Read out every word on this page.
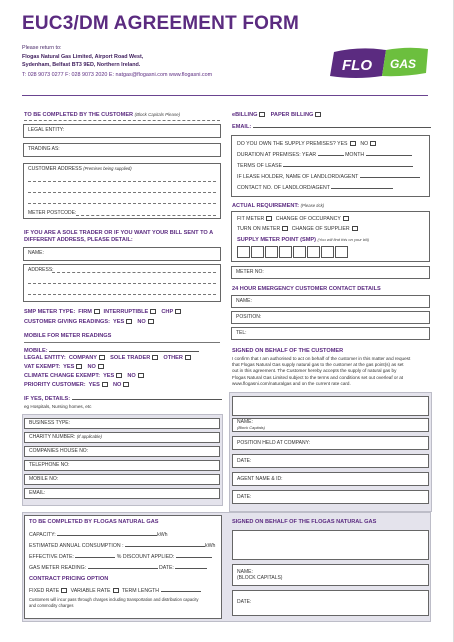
EUC3/DM AGREEMENT FORM
Please return to:
Flogas Natural Gas Limited, Airport Road West,
Sydenham, Belfast BT3 9ED, Northern Ireland.
T: 028 9073 0277 F: 028 9073 2020 E: natgas@flogasni.com www.flogasni.com
FLO GAS
TO BE COMPLETED BY THE CUSTOMER (Block Capitals Please)
LEGAL ENTITY:
TRADING AS:
CUSTOMER ADDRESS (Premises being supplied)
METER POSTCODE:
IF YOU ARE A SOLE TRADER OR IF YOU WANT YOUR BILL SENT TO A
DIFFERENT ADDRESS, PLEASE DETAIL:
NAME:
ADDRESS:
SMP METER TYPE: FIRM INTERRUPTIBLE CHP
CUSTOMER GIVING READINGS: YES NO
MOBILE FOR METER READINGS
MOBILE:
LEGAL ENTITY: COMPANY SOLE TRADER OTHER
VAT EXEMPT: YES NO
CLIMATE CHANGE EXEMPT: YES NO
PRIORITY CUSTOMER: YES NO
IF YES, DETAILS:
eg Hospitals, Nursing homes, etc
BUSINESS TYPE:
CHARITY NUMBER: (If applicable)
COMPANIES HOUSE NO:
TELEPHONE NO:
MOBILE NO:
EMAIL:
eBILLING PAPER BILLING
EMAIL:
DO YOU OWN THE SUPPLY PREMISES? YES NO
DURATION AT PREMISES: YEAR	MONTH
TERMS OF LEASE
IF LEASE HOLDER, NAME OF LANDLORD/AGENT
CONTACT NO. OF LANDLORD/AGENT
ACTUAL REQUIREMENT: (Please tick)
FIT METER CHANGE OF OCCUPANCY
TURN ON METER CHANGE OF SUPPLIER
SUPPLY METER POINT (SMP) (You will find this on your bill)
METER NO:
24 HOUR EMERGENCY CUSTOMER CONTACT DETAILS
NAME:
POSITION:
TEL:
SIGNED ON BEHALF OF THE CUSTOMER
I confirm that I am authorised to act on behalf of the customer in this matter and request
that Flogas Natural Gas supply natural gas to the customer at the gas point(s) as set
out in this agreement. The Customer hereby accepts the supply of natural gas by
Flogas Natural Gas Limited subject to the terms and conditions set out overleaf or at
www.flogasni.com/naturalgas and on the current rate card.
NAME:
(Block Capitals)
POSITION HELD AT COMPANY:
DATE:
AGENT NAME & ID:
DATE:
TO BE COMPLETED BY FLOGAS NATURAL GAS
CAPACITY:	kWh
ESTIMATED ANNUAL CONSUMPTION :	kWh
EFFECTIVE DATE:	% DISCOUNT APPLIED:
GAS METER READING:	DATE:
CONTRACT PRICING OPTION
FIXED RATE VARIABLE RATE TERM LENGTH
Customers will incur pass through charges including transportation and distribution capacity
and commodity charges
SIGNED ON BEHALF OF THE FLOGAS NATURAL GAS
NAME:
(BLOCK CAPITALS)
DATE:
